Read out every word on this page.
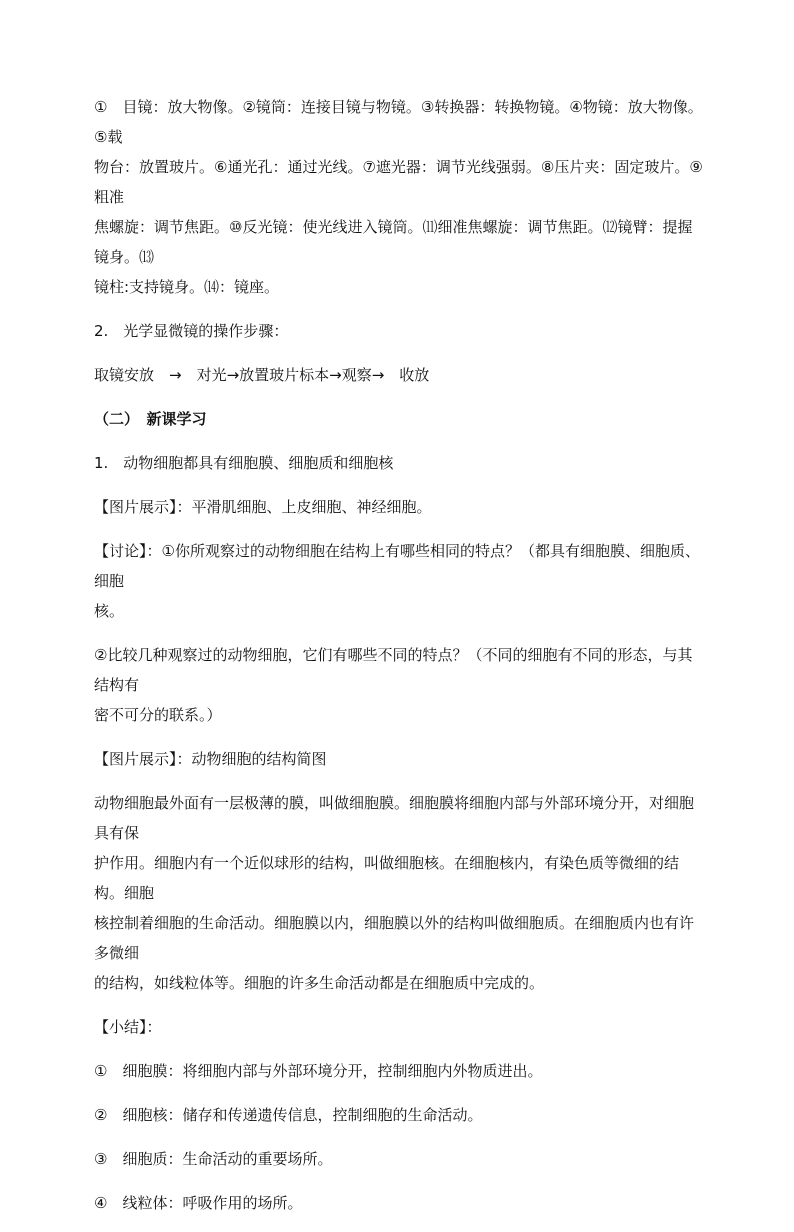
①　目镜：放大物像。②镜筒：连接目镜与物镜。③转换器：转换物镜。④物镜：放大物像。⑤载

物台：放置玻片。⑥通光孔：通过光线。⑦遮光器：调节光线强弱。⑧压片夹：固定玻片。⑨粗准

焦螺旋：调节焦距。⑩反光镜：使光线进入镜筒。⑾细准焦螺旋：调节焦距。⑿镜臂：提握镜身。⒀

镜柱:支持镜身。⒁：镜座。

2.　光学显微镜的操作步骤：

取镜安放　→　对光→放置玻片标本→观察→　收放

（二）　新课学习

1.　动物细胞都具有细胞膜、细胞质和细胞核

【图片展示】：平滑肌细胞、上皮细胞、神经细胞。

【讨论】：①你所观察过的动物细胞在结构上有哪些相同的特点？（都具有细胞膜、细胞质、细胞

核。

②比较几种观察过的动物细胞，它们有哪些不同的特点？（不同的细胞有不同的形态，与其结构有

密不可分的联系。）

【图片展示】：动物细胞的结构简图

动物细胞最外面有一层极薄的膜，叫做细胞膜。细胞膜将细胞内部与外部环境分开，对细胞具有保

护作用。细胞内有一个近似球形的结构，叫做细胞核。在细胞核内，有染色质等微细的结构。细胞

核控制着细胞的生命活动。细胞膜以内，细胞膜以外的结构叫做细胞质。在细胞质内也有许多微细

的结构，如线粒体等。细胞的许多生命活动都是在细胞质中完成的。

【小结】：

①　细胞膜：将细胞内部与外部环境分开，控制细胞内外物质进出。

②　细胞核：储存和传递遗传信息，控制细胞的生命活动。

③　细胞质：生命活动的重要场所。

④　线粒体：呼吸作用的场所。
